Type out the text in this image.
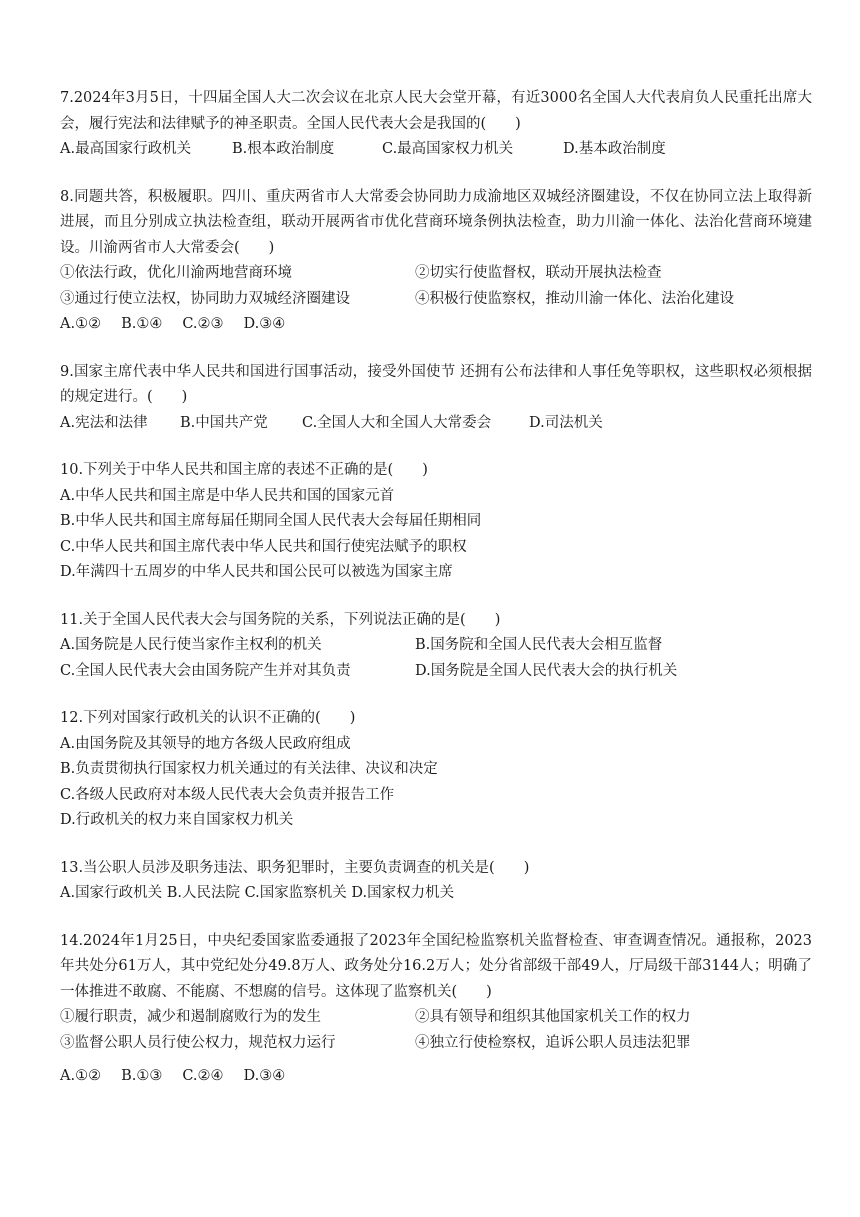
7.2024年3月5日，十四届全国人大二次会议在北京人民大会堂开幕，有近3000名全国人大代表肩负人民重托出席大会，履行宪法和法律赋予的神圣职责。全国人民代表大会是我国的(　　)
A.最高国家行政机关	B.根本政治制度	C.最高国家权力机关	D.基本政治制度
8.同题共答，积极履职。四川、重庆两省市人大常委会协同助力成渝地区双城经济圈建设，不仅在协同立法上取得新进展，而且分别成立执法检查组，联动开展两省市优化营商环境条例执法检查，助力川渝一体化、法治化营商环境建设。川渝两省市人大常委会(　　)
①依法行政，优化川渝两地营商环境	②切实行使监督权，联动开展执法检查
③通过行使立法权，协同助力双城经济圈建设	④积极行使监察权，推动川渝一体化、法治化建设
A.①② B.①④ C.②③ D.③④
9.国家主席代表中华人民共和国进行国事活动，接受外国使节 还拥有公布法律和人事任免等职权，这些职权必须根据　　的规定进行。(　　)
A.宪法和法律 B.中国共产党 C.全国人大和全国人大常委会	D.司法机关
10.下列关于中华人民共和国主席的表述不正确的是(　　)
A.中华人民共和国主席是中华人民共和国的国家元首
B.中华人民共和国主席每届任期同全国人民代表大会每届任期相同
C.中华人民共和国主席代表中华人民共和国行使宪法赋予的职权
D.年满四十五周岁的中华人民共和国公民可以被选为国家主席
11.关于全国人民代表大会与国务院的关系，下列说法正确的是(　　)
A.国务院是人民行使当家作主权利的机关	B.国务院和全国人民代表大会相互监督
C.全国人民代表大会由国务院产生并对其负责	D.国务院是全国人民代表大会的执行机关
12.下列对国家行政机关的认识不正确的(　　)
A.由国务院及其领导的地方各级人民政府组成
B.负责贯彻执行国家权力机关通过的有关法律、决议和决定
C.各级人民政府对本级人民代表大会负责并报告工作
D.行政机关的权力来自国家权力机关
13.当公职人员涉及职务违法、职务犯罪时，主要负责调查的机关是(　　)
A.国家行政机关 B.人民法院 C.国家监察机关 D.国家权力机关
14.2024年1月25日，中央纪委国家监委通报了2023年全国纪检监察机关监督检查、审查调查情况。通报称，2023年共处分61万人，其中党纪处分49.8万人、政务处分16.2万人；处分省部级干部49人，厅局级干部3144人；明确了一体推进不敢腐、不能腐、不想腐的信号。这体现了监察机关(　　)
①履行职责，减少和遏制腐败行为的发生	②具有领导和组织其他国家机关工作的权力
③监督公职人员行使公权力，规范权力运行	④独立行使检察权，追诉公职人员违法犯罪
A.①② B.①③ C.②④ D.③④
